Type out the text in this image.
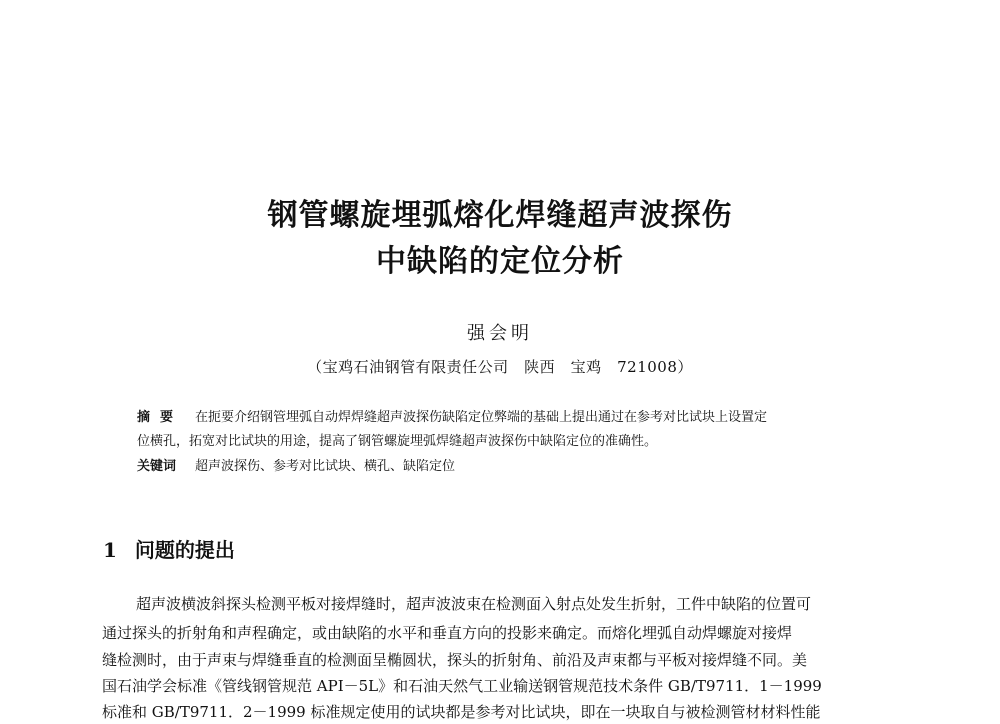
钢管螺旋埋弧熔化焊缝超声波探伤
中缺陷的定位分析
强会明
（宝鸡石油钢管有限责任公司　陕西　宝鸡　721008）
摘要 在扼要介绍钢管埋弧自动焊焊缝超声波探伤缺陷定位弊端的基础上提出通过在参考对比试块上设置定
位横孔，拓宽对比试块的用途，提高了钢管螺旋埋弧焊缝超声波探伤中缺陷定位的准确性。
关键词 超声波探伤、参考对比试块、横孔、缺陷定位
1 问题的提出
超声波横波斜探头检测平板对接焊缝时，超声波波束在检测面入射点处发生折射，工件中缺陷的位置可
通过探头的折射角和声程确定，或由缺陷的水平和垂直方向的投影来确定。而熔化埋弧自动焊螺旋对接焊
缝检测时，由于声束与焊缝垂直的检测面呈椭圆状，探头的折射角、前沿及声束都与平板对接焊缝不同。美
国石油学会标准《管线钢管规范 API－5L》和石油天然气工业输送钢管规范技术条件 GB/T9711．1－1999
标准和 GB/T9711．2－1999 标准规定使用的试块都是参考对比试块，即在一块取自与被检测管材材料性能
